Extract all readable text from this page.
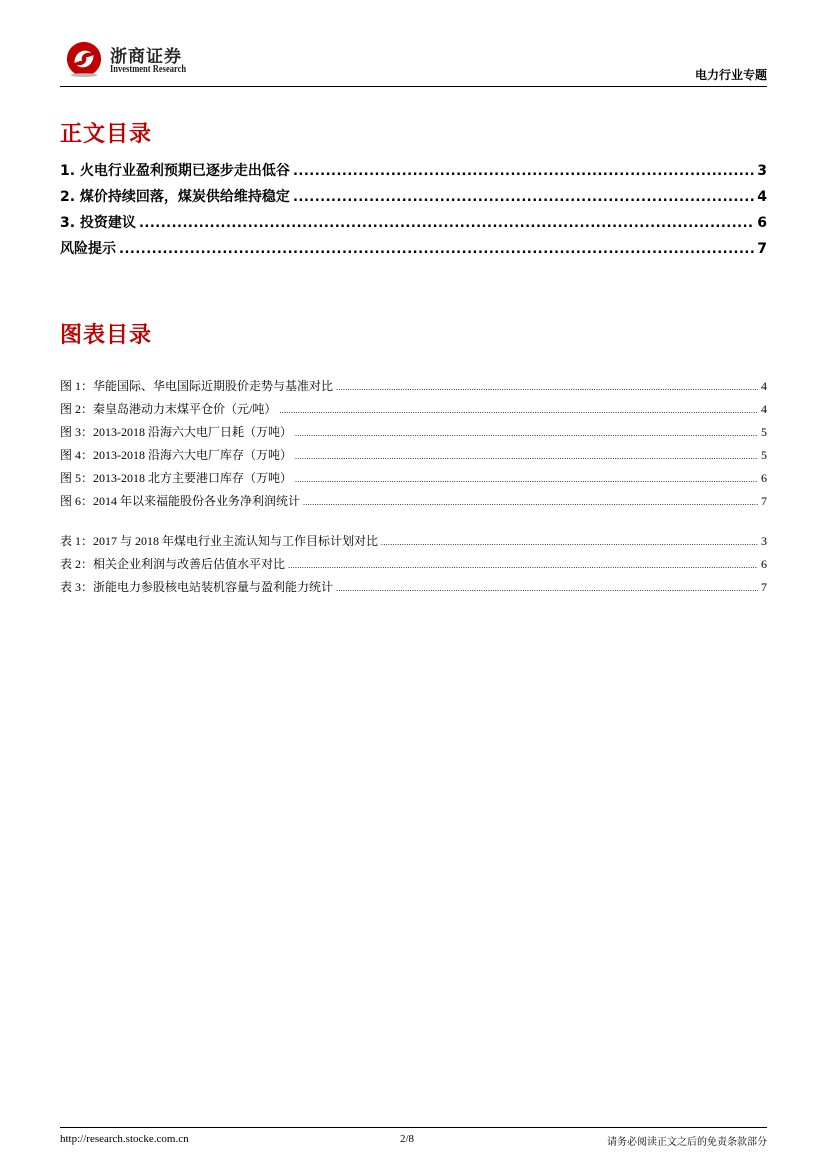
浙商证券
Investment Research	电力行业专题
正文目录
1. 火电行业盈利预期已逐步走出低谷 .....	3
2. 煤价持续回落，煤炭供给维持稳定 .....	4
3. 投资建议 .....	6
风险提示 .....	7
图表目录
图 1：华能国际、华电国际近期股价走势与基准对比 .....	4
图 2：秦皇岛港动力末煤平仓价（元/吨） .....	4
图 3：2013-2018 沿海六大电厂日耗（万吨） .....	5
图 4：2013-2018 沿海六大电厂库存（万吨） .....	5
图 5：2013-2018 北方主要港口库存（万吨） .....	6
图 6：2014 年以来福能股份各业务净利润统计 .....	7
表 1：2017 与 2018 年煤电行业主流认知与工作目标计划对比 .....	3
表 2：相关企业利润与改善后估值水平对比 .....	6
表 3：浙能电力参股核电站装机容量与盈利能力统计 .....	7
http://research.stocke.com.cn	2/8	请务必阅读正文之后的免责条款部分
